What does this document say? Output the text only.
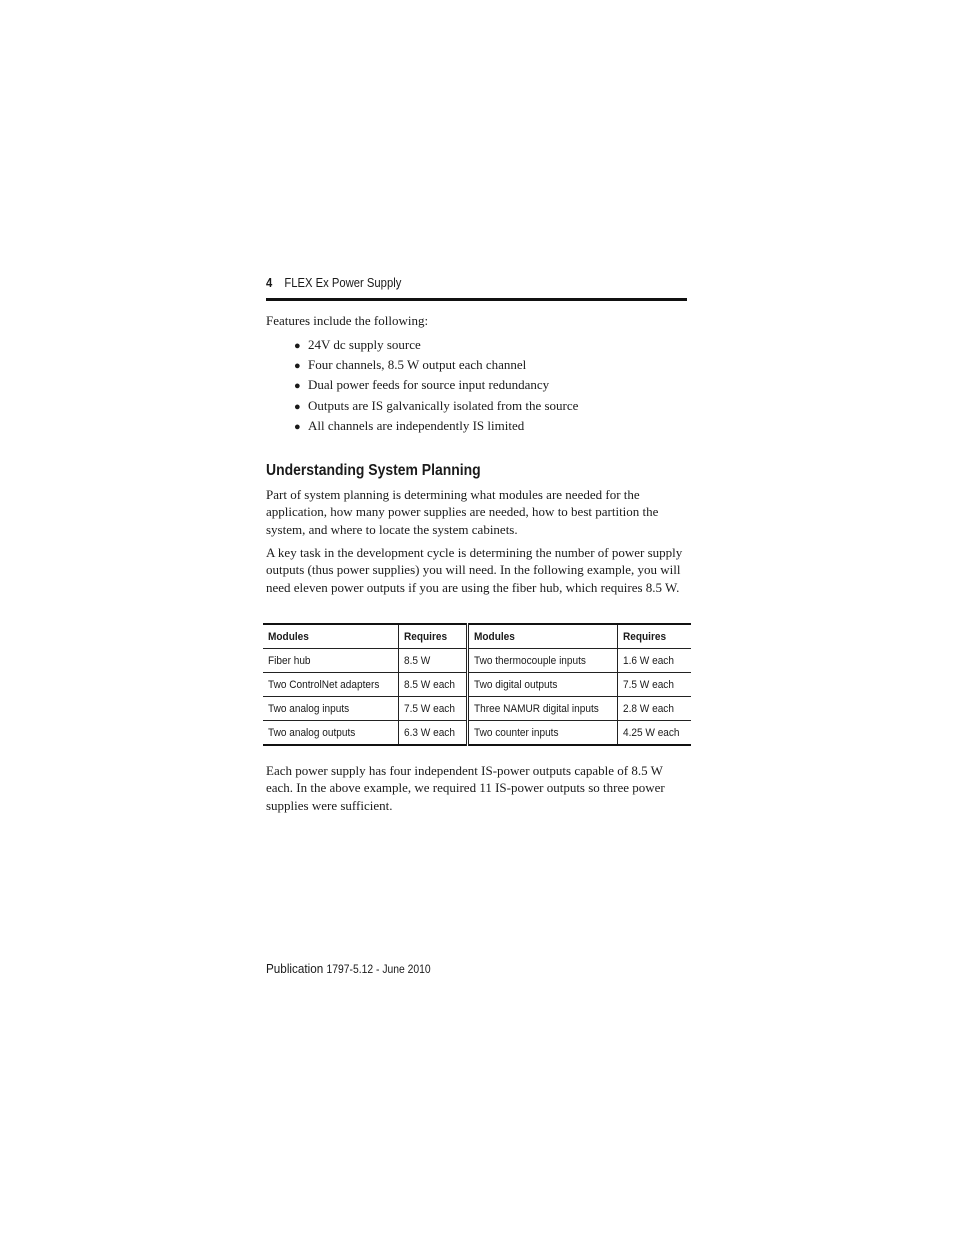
4 FLEX Ex Power Supply
Features include the following:
● 24V dc supply source
● Four channels, 8.5 W output each channel
● Dual power feeds for source input redundancy
● Outputs are IS galvanically isolated from the source
● All channels are independently IS limited
Understanding System Planning

Part of system planning is determining what modules are needed for the application, how many power supplies are needed, how to best partition the system, and where to locate the system cabinets.

A key task in the development cycle is determining the number of power supply outputs (thus power supplies) you will need. In the following example, you will need eleven power outputs if you are using the fiber hub, which requires 8.5 W.

Modules	Requires	Modules	Requires
Fiber hub	8.5 W	Two thermocouple inputs	1.6 W each
Two ControlNet adapters	8.5 W each	Two digital outputs	7.5 W each
Two analog inputs	7.5 W each	Three NAMUR digital inputs	2.8 W each
Two analog outputs	6.3 W each	Two counter inputs	4.25 W each

Each power supply has four independent IS-power outputs capable of 8.5 W each. In the above example, we required 11 IS-power outputs so three power supplies were sufficient.

Publication 1797-5.12 - June 2010
